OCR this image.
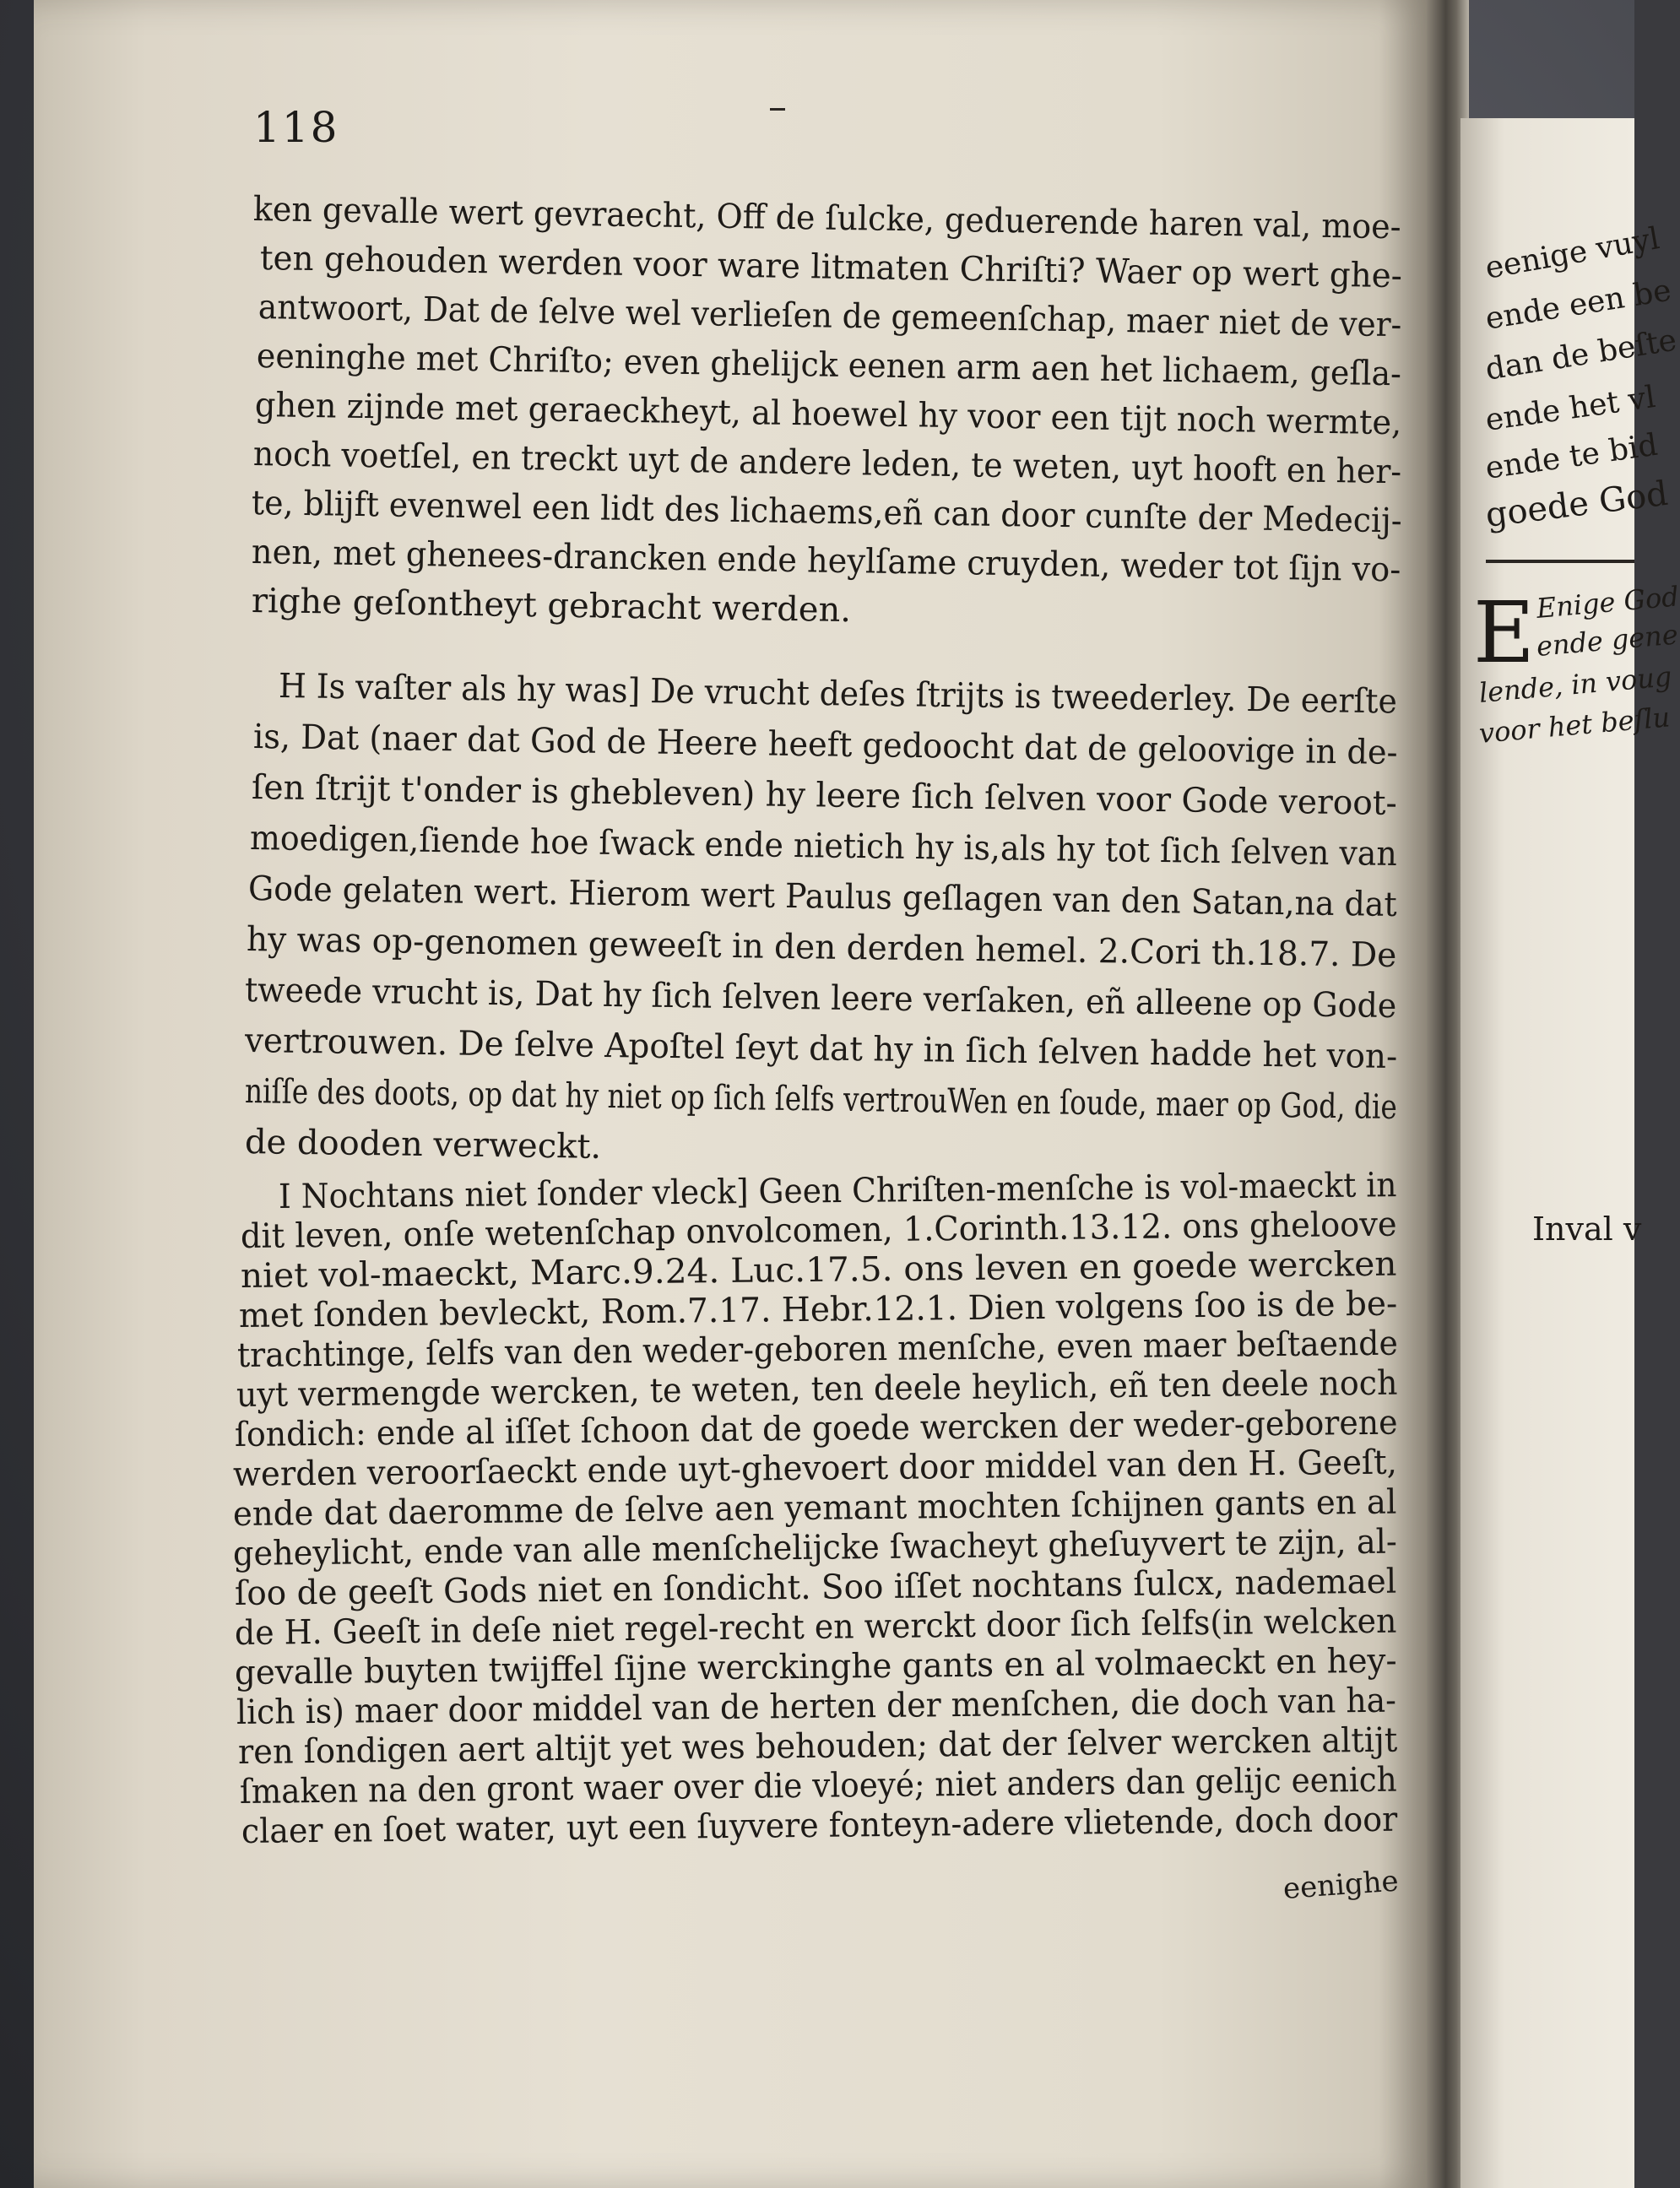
118
ken gevalle wert gevraecht, Off de ſulcke, geduerende haren val, moe-
ten gehouden werden voor ware litmaten Chriſti? Waer op wert ghe-
antwoort, Dat de ſelve wel verlieſen de gemeenſchap, maer niet de ver-
eeninghe met Chriſto; even ghelijck eenen arm aen het lichaem, geſla-
ghen zijnde met geraeckheyt, al hoewel hy voor een tijt noch wermte,
noch voetſel, en treckt uyt de andere leden, te weten, uyt hooft en her-
te, blijft evenwel een lidt des lichaems,eñ can door cunſte der Medecij-
nen, met ghenees-drancken ende heylſame cruyden, weder tot ſijn vo-
righe geſontheyt gebracht werden.
H Is vaſter als hy was] De vrucht deſes ſtrijts is tweederley. De eerſte
is, Dat (naer dat God de Heere heeft gedoocht dat de geloovige in de-
ſen ſtrijt t'onder is ghebleven) hy leere ſich ſelven voor Gode veroot-
moedigen,ſiende hoe ſwack ende nietich hy is,als hy tot ſich ſelven van
Gode gelaten wert. Hierom wert Paulus geſlagen van den Satan,na dat
hy was op-genomen geweeſt in den derden hemel. 2.Cori th.18.7. De
tweede vrucht is, Dat hy ſich ſelven leere verſaken, eñ alleene op Gode
vertrouwen. De ſelve Apoſtel ſeyt dat hy in ſich ſelven hadde het von-
niſſe des doots, op dat hy niet op ſich ſelfs vertrouWen en ſoude, maer op God, die
de dooden verweckt.
I Nochtans niet ſonder vleck] Geen Chriſten-menſche is vol-maeckt in
dit leven, onſe wetenſchap onvolcomen, 1.Corinth.13.12. ons gheloove
niet vol-maeckt, Marc.9.24. Luc.17.5. ons leven en goede wercken
met ſonden bevleckt, Rom.7.17. Hebr.12.1. Dien volgens ſoo is de be-
trachtinge, ſelfs van den weder-geboren menſche, even maer beſtaende
uyt vermengde wercken, te weten, ten deele heylich, eñ ten deele noch
ſondich: ende al iſſet ſchoon dat de goede wercken der weder-geborene
werden veroorſaeckt ende uyt-ghevoert door middel van den H. Geeſt,
ende dat daeromme de ſelve aen yemant mochten ſchijnen gants en al
geheylicht, ende van alle menſchelijcke ſwacheyt gheſuyvert te zijn, al-
ſoo de geeſt Gods niet en ſondicht. Soo iſſet nochtans ſulcx, nademael
de H. Geeſt in deſe niet regel-recht en werckt door ſich ſelfs(in welcken
gevalle buyten twijffel ſijne werckinghe gants en al volmaeckt en hey-
lich is) maer door middel van de herten der menſchen, die doch van ha-
ren ſondigen aert altijt yet wes behouden; dat der ſelver wercken altijt
ſmaken na den gront waer over die vloeyé; niet anders dan gelijc eenich
claer en ſoet water, uyt een ſuyvere fonteyn-adere vlietende, doch door
eenighe
eenige vuyl
ende een be
dan de beſte
ende het vl
ende te bid
goede God
E Enige God
ende gene
lende, in voug
voor het beſlu
Inval v
